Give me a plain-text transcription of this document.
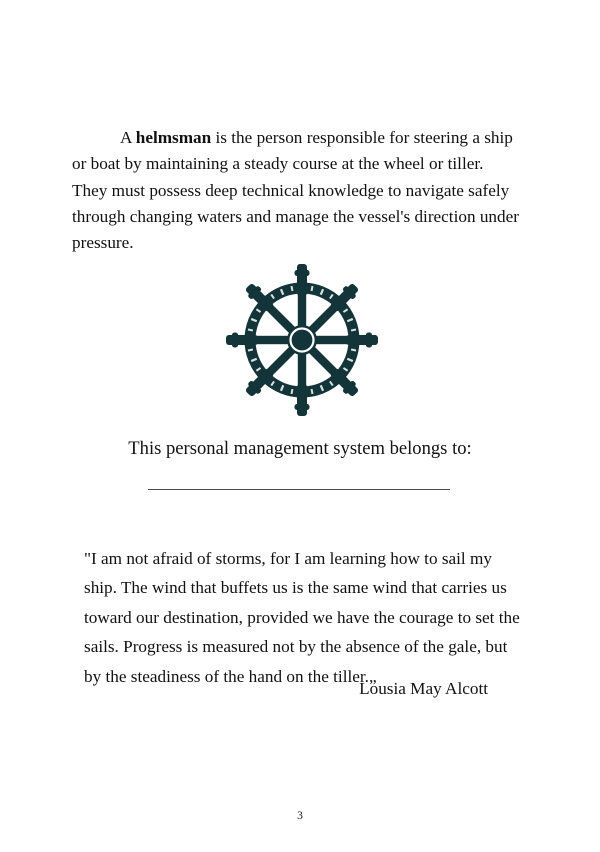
A helmsman is the person responsible for steering a ship or boat by maintaining a steady course at the wheel or tiller. They must possess deep technical knowledge to navigate safely through changing waters and manage the vessel's direction under pressure.

This personal management system belongs to:
"I am not afraid of storms, for I am learning how to sail my ship. The wind that buffets us is the same wind that carries us toward our destination, provided we have the courage to set the sails. Progress is measured not by the absence of the gale, but by the steadiness of the hand on the tiller.„
Lousia May Alcott
3
